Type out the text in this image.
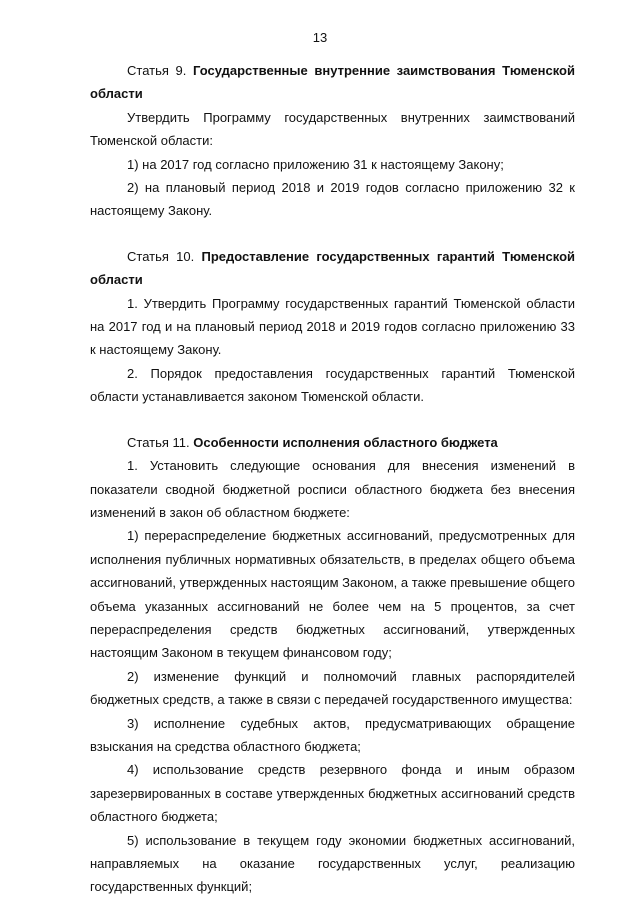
13

Статья 9. Государственные внутренние заимствования Тюменской области

Утвердить Программу государственных внутренних заимствований Тюменской области:

1) на 2017 год согласно приложению 31 к настоящему Закону;

2) на плановый период 2018 и 2019 годов согласно приложению 32 к настоящему Закону.

Статья 10. Предоставление государственных гарантий Тюменской области

1. Утвердить Программу государственных гарантий Тюменской области на 2017 год и на плановый период 2018 и 2019 годов согласно приложению 33 к настоящему Закону.

2. Порядок предоставления государственных гарантий Тюменской области устанавливается законом Тюменской области.

Статья 11. Особенности исполнения областного бюджета

1. Установить следующие основания для внесения изменений в показатели сводной бюджетной росписи областного бюджета без внесения изменений в закон об областном бюджете:

1) перераспределение бюджетных ассигнований, предусмотренных для исполнения публичных нормативных обязательств, в пределах общего объема ассигнований, утвержденных настоящим Законом, а также превышение общего объема указанных ассигнований не более чем на 5 процентов, за счет перераспределения средств бюджетных ассигнований, утвержденных настоящим Законом в текущем финансовом году;

2) изменение функций и полномочий главных распорядителей бюджетных средств, а также в связи с передачей государственного имущества:

3) исполнение судебных актов, предусматривающих обращение взыскания на средства областного бюджета;

4) использование средств резервного фонда и иным образом зарезервированных в составе утвержденных бюджетных ассигнований средств областного бюджета;

5) использование в текущем году экономии бюджетных ассигнований, направляемых на оказание государственных услуг, реализацию государственных функций;
